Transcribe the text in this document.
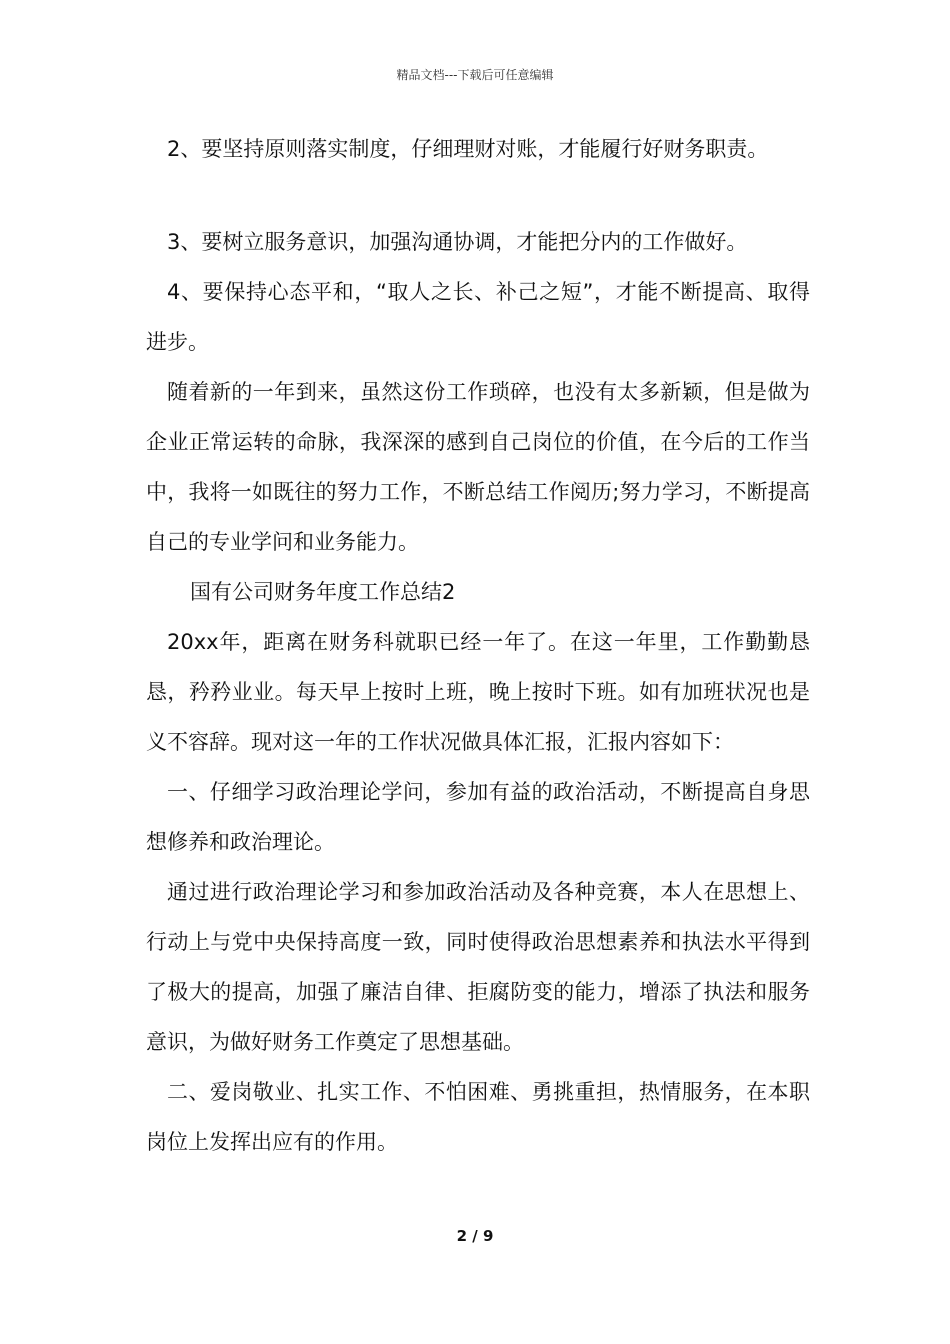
精品文档---下载后可任意编辑

2、要坚持原则落实制度，仔细理财对账，才能履行好财务职责。

3、要树立服务意识，加强沟通协调，才能把分内的工作做好。

4、要保持心态平和，“取人之长、补己之短”，才能不断提高、取得进步。

随着新的一年到来，虽然这份工作琐碎，也没有太多新颖，但是做为企业正常运转的命脉，我深深的感到自己岗位的价值，在今后的工作当中，我将一如既往的努力工作，不断总结工作阅历;努力学习，不断提高自己的专业学问和业务能力。

国有公司财务年度工作总结2

20xx年，距离在财务科就职已经一年了。在这一年里，工作勤勤恳恳，矜矜业业。每天早上按时上班，晚上按时下班。如有加班状况也是义不容辞。现对这一年的工作状况做具体汇报，汇报内容如下：

一、仔细学习政治理论学问，参加有益的政治活动，不断提高自身思想修养和政治理论。

通过进行政治理论学习和参加政治活动及各种竞赛，本人在思想上、行动上与党中央保持高度一致，同时使得政治思想素养和执法水平得到了极大的提高，加强了廉洁自律、拒腐防变的能力，增添了执法和服务意识，为做好财务工作奠定了思想基础。

二、爱岗敬业、扎实工作、不怕困难、勇挑重担，热情服务，在本职岗位上发挥出应有的作用。

2 / 9
